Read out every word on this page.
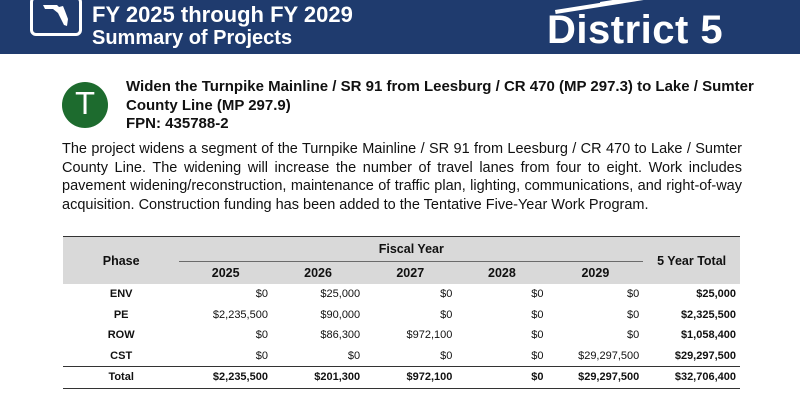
FY 2025 through FY 2029
Summary of Projects	District 5
T
Widen the Turnpike Mainline / SR 91 from Leesburg / CR 470 (MP 297.3) to Lake / Sumter County Line (MP 297.9)
FPN: 435788-2
The project widens a segment of the Turnpike Mainline / SR 91 from Leesburg / CR 470 to Lake / Sumter County Line. The widening will increase the number of travel lanes from four to eight. Work includes pavement widening/reconstruction, maintenance of traffic plan, lighting, communications, and right-of-way acquisition. Construction funding has been added to the Tentative Five-Year Work Program.
Phase	Fiscal Year					5 Year Total
	2025	2026	2027	2028	2029	
ENV	$0	$25,000	$0	$0	$0	$25,000
PE	$2,235,500	$90,000	$0	$0	$0	$2,325,500
ROW	$0	$86,300	$972,100	$0	$0	$1,058,400
CST	$0	$0	$0	$0	$29,297,500	$29,297,500
Total	$2,235,500	$201,300	$972,100	$0	$29,297,500	$32,706,400
